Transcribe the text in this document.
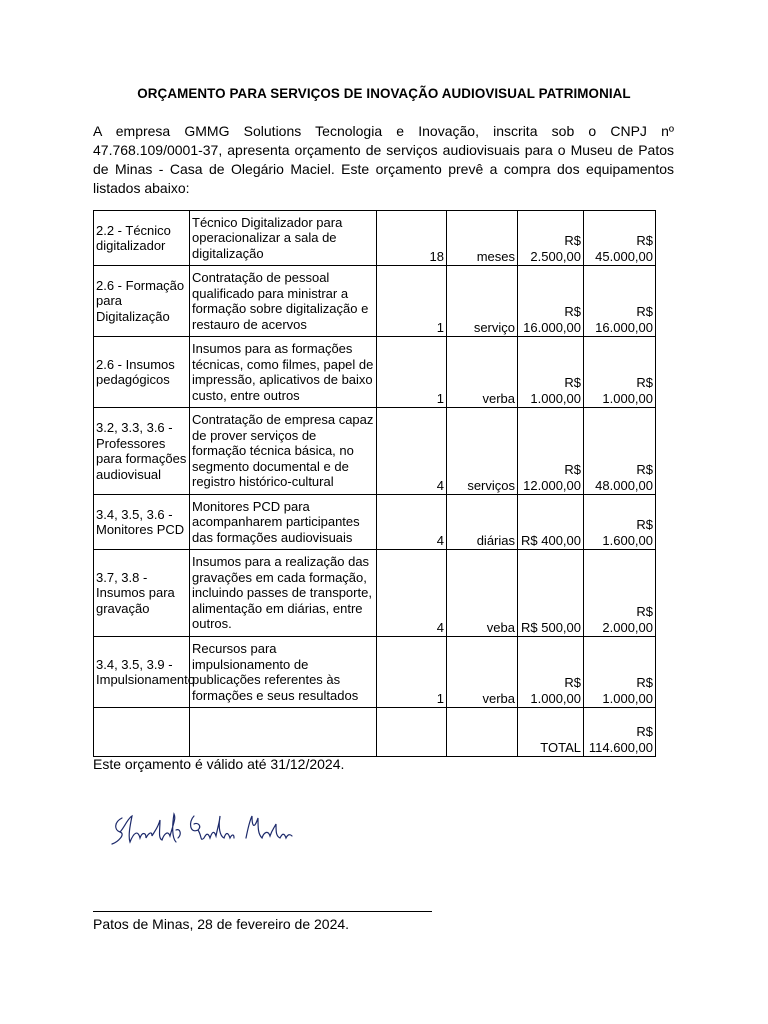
ORÇAMENTO PARA SERVIÇOS DE INOVAÇÃO AUDIOVISUAL PATRIMONIAL
A empresa GMMG Solutions Tecnologia e Inovação, inscrita sob o CNPJ nº 47.768.109/0001-37, apresenta orçamento de serviços audiovisuais para o Museu de Patos de Minas - Casa de Olegário Maciel. Este orçamento prevê a compra dos equipamentos listados abaixo:
2.2 - Técnico digitalizador	Técnico Digitalizador para operacionalizar a sala de digitalização	18	meses	R$ 2.500,00	R$ 45.000,00
2.6 - Formação para Digitalização	Contratação de pessoal qualificado para ministrar a formação sobre digitalização e restauro de acervos	1	serviço	R$ 16.000,00	R$ 16.000,00
2.6 - Insumos pedagógicos	Insumos para as formações técnicas, como filmes, papel de impressão, aplicativos de baixo custo, entre outros	1	verba	R$ 1.000,00	R$ 1.000,00
3.2, 3.3, 3.6 - Professores para formações audiovisual	Contratação de empresa capaz de prover serviços de formação técnica básica, no segmento documental e de registro histórico-cultural	4	serviços	R$ 12.000,00	R$ 48.000,00
3.4, 3.5, 3.6 - Monitores PCD	Monitores PCD para acompanharem participantes das formações audiovisuais	4	diárias	R$ 400,00	R$ 1.600,00
3.7, 3.8 - Insumos para gravação	Insumos para a realização das gravações em cada formação, incluindo passes de transporte, alimentação em diárias, entre outros.	4	veba	R$ 500,00	R$ 2.000,00
3.4, 3.5, 3.9 - Impulsionamento	Recursos para impulsionamento de publicações referentes às formações e seus resultados	1	verba	R$ 1.000,00	R$ 1.000,00
				TOTAL	R$ 114.600,00
Este orçamento é válido até 31/12/2024.
Patos de Minas, 28 de fevereiro de 2024.
